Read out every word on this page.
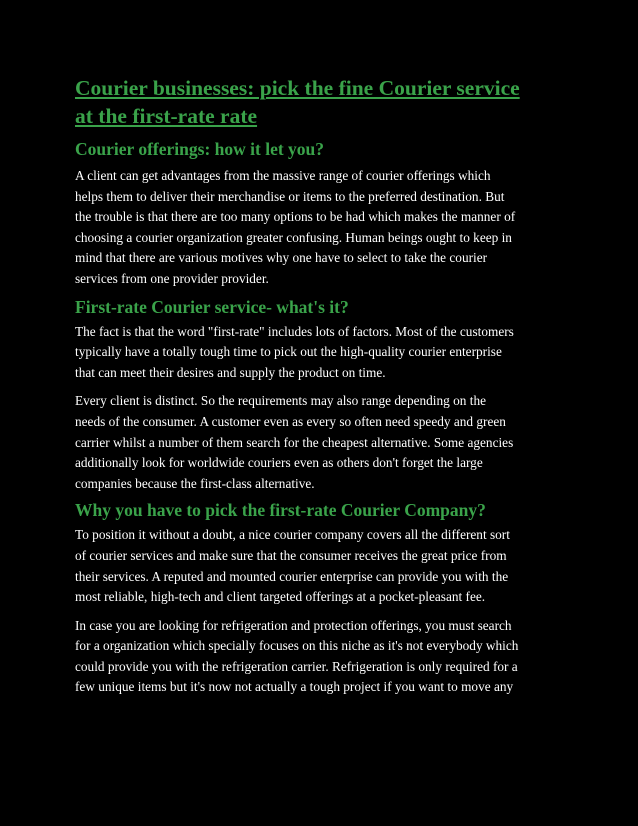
Courier businesses: pick the fine Courier service
at the first-rate rate
Courier offerings: how it let you?

A client can get advantages from the massive range of courier offerings which
helps them to deliver their merchandise or items to the preferred destination. But
the trouble is that there are too many options to be had which makes the manner of
choosing a courier organization greater confusing. Human beings ought to keep in
mind that there are various motives why one have to select to take the courier
services from one provider provider.

First-rate Courier service- what's it?

The fact is that the word "first-rate" includes lots of factors. Most of the customers
typically have a totally tough time to pick out the high-quality courier enterprise
that can meet their desires and supply the product on time.

Every client is distinct. So the requirements may also range depending on the
needs of the consumer. A customer even as every so often need speedy and green
carrier whilst a number of them search for the cheapest alternative. Some agencies
additionally look for worldwide couriers even as others don't forget the large
companies because the first-class alternative.

Why you have to pick the first-rate Courier Company?

To position it without a doubt, a nice courier company covers all the different sort
of courier services and make sure that the consumer receives the great price from
their services. A reputed and mounted courier enterprise can provide you with the
most reliable, high-tech and client targeted offerings at a pocket-pleasant fee.

In case you are looking for refrigeration and protection offerings, you must search
for a organization which specially focuses on this niche as it's not everybody which
could provide you with the refrigeration carrier. Refrigeration is only required for a
few unique items but it's now not actually a tough project if you want to move any
